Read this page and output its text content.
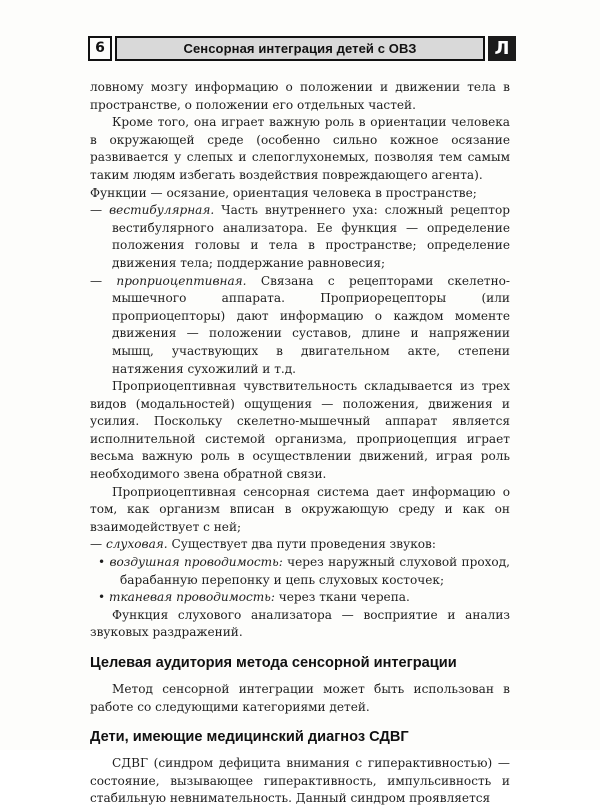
6	Сенсорная интеграция детей с ОВЗ	Л

ловному мозгу информацию о положении и движении тела в пространстве, о положении его отдельных частей.

Кроме того, она играет важную роль в ориентации человека в окружающей среде (особенно сильно кожное осязание развивается у слепых и слепоглухонемых, позволяя тем самым таким людям избегать воздействия повреждающего агента).

Функции — осязание, ориентация человека в пространстве;

— вестибулярная. Часть внутреннего уха: сложный рецептор вестибулярного анализатора. Ее функция — определение положения головы и тела в пространстве; определение движения тела; поддержание равновесия;

— проприоцептивная. Связана с рецепторами скелетно-мышечного аппарата. Проприорецепторы (или проприоцепторы) дают информацию о каждом моменте движения — положении суставов, длине и напряжении мышц, участвующих в двигательном акте, степени натяжения сухожилий и т.д.

Проприоцептивная чувствительность складывается из трех видов (модальностей) ощущения — положения, движения и усилия. Поскольку скелетно-мышечный аппарат является исполнительной системой организма, проприоцепция играет весьма важную роль в осуществлении движений, играя роль необходимого звена обратной связи.

Проприоцептивная сенсорная система дает информацию о том, как организм вписан в окружающую среду и как он взаимодействует с ней;

— слуховая. Существует два пути проведения звуков:

• воздушная проводимость: через наружный слуховой проход, барабанную перепонку и цепь слуховых косточек;

• тканевая проводимость: через ткани черепа.

Функция слухового анализатора — восприятие и анализ звуковых раздражений.

Целевая аудитория метода сенсорной интеграции

Метод сенсорной интеграции может быть использован в работе со следующими категориями детей.

Дети, имеющие медицинский диагноз СДВГ

СДВГ (синдром дефицита внимания с гиперактивностью) — состояние, вызывающее гиперактивность, импульсивность и стабильную невнимательность. Данный синдром проявляется
